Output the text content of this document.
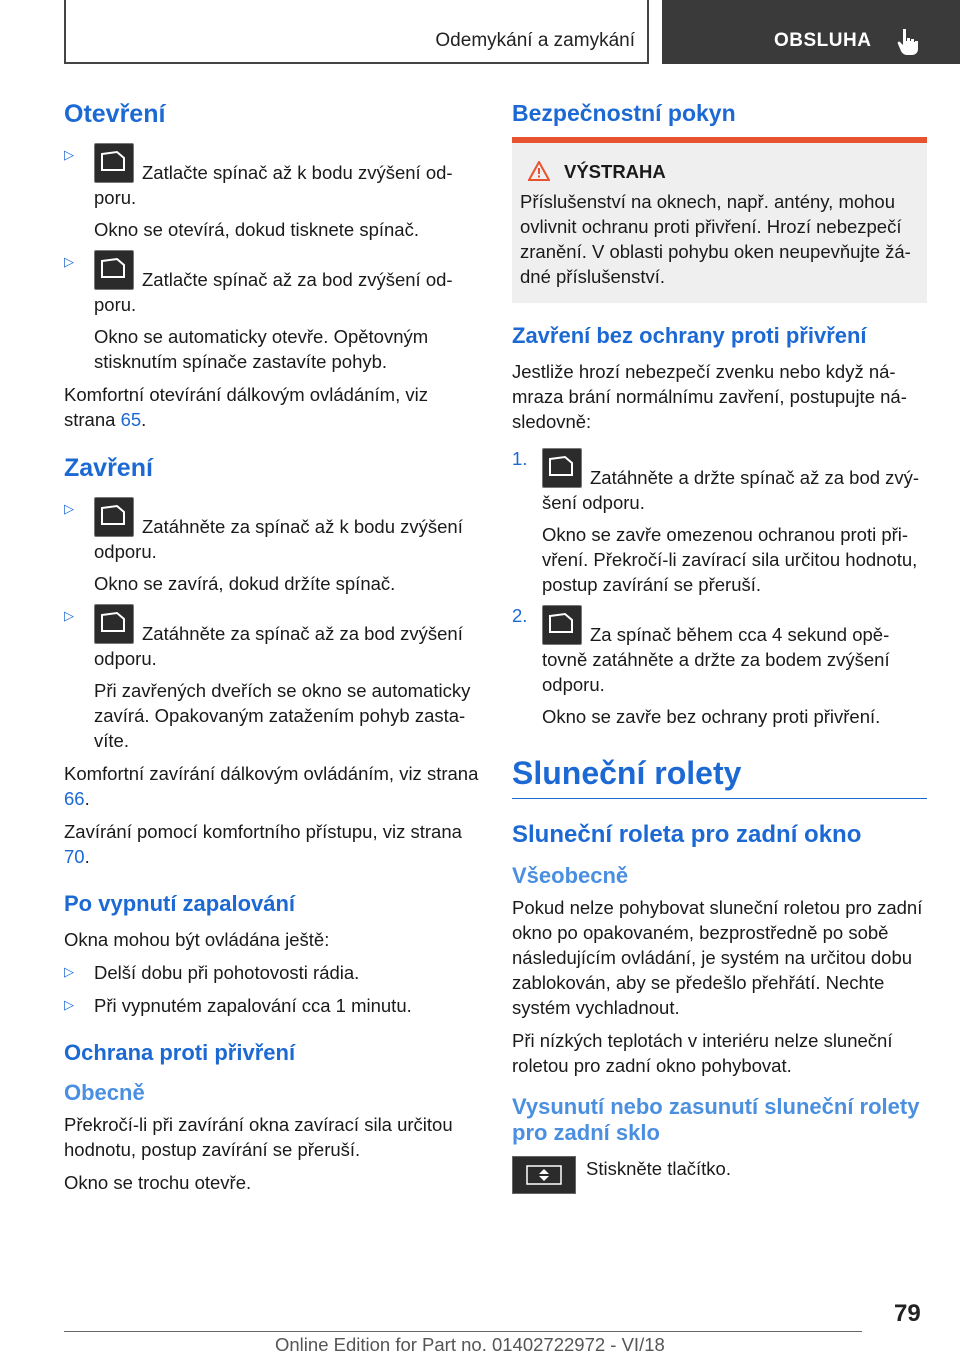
Odemykání a zamykání	OBSLUHA
Otevření
▷

Zatlačte spínač až k bodu zvýšení odporu.

Okno se otevírá, dokud tisknete spínač.

▷

Zatlačte spínač až za bod zvýšení odporu.

Okno se automaticky otevře. Opětovným stisknutím spínače zastavíte pohyb.

Komfortní otevírání dálkovým ovládáním, viz strana 65.

Zavření
▷

Zatáhněte za spínač až k bodu zvýšení odporu.

Okno se zavírá, dokud držíte spínač.

▷

Zatáhněte za spínač až za bod zvýšení odporu.

Při zavřených dveřích se okno se automaticky zavírá. Opakovaným zatažením pohyb zastavíte.

Komfortní zavírání dálkovým ovládáním, viz strana 66.

Zavírání pomocí komfortního přístupu, viz strana 70.

Po vypnutí zapalování

Okna mohou být ovládána ještě:

▷ Delší dobu při pohotovosti rádia.

▷ Při vypnutém zapalování cca 1 minutu.

Ochrana proti přivření
Obecně

Překročí-li při zavírání okna zavírací sila určitou hodnotu, postup zavírání se přeruší.

Okno se trochu otevře.

Bezpečnostní pokyn
VÝSTRAHA

Příslušenství na oknech, např. antény, mohou ovlivnit ochranu proti přivření. Hrozí nebezpečí zranění. V oblasti pohybu oken neupevňujte žádné příslušenství.

Zavření bez ochrany proti přivření

Jestliže hrozí nebezpečí zvenku nebo když námraza brání normálnímu zavření, postupujte následovně:

1.

Zatáhněte a držte spínač až za bod zvýšení odporu.

Okno se zavře omezenou ochranou proti přivření. Překročí-li zavírací sila určitou hodnotu, postup zavírání se přeruší.

2.

Za spínač během cca 4 sekund opětovně zatáhněte a držte za bodem zvýšení odporu.

Okno se zavře bez ochrany proti přivření.

Sluneční rolety
Sluneční roleta pro zadní okno
Všeobecně

Pokud nelze pohybovat sluneční roletou pro zadní okno po opakovaném, bezprostředně po sobě následujícím ovládání, je systém na určitou dobu zablokován, aby se předešlo přehřátí. Nechte systém vychladnout.

Při nízkých teplotách v interiéru nelze sluneční roletou pro zadní okno pohybovat.

Vysunutí nebo zasunutí sluneční rolety pro zadní sklo

Stiskněte tlačítko.

79
Online Edition for Part no. 01402722972 - VI/18
